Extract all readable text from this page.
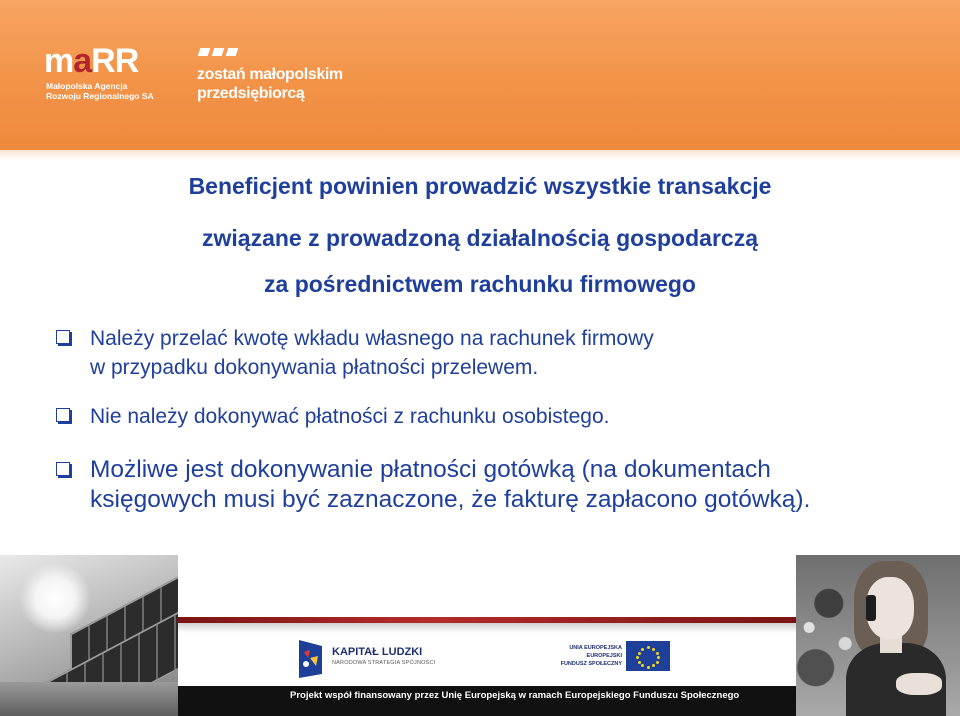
maRR
Małopolska Agencja
Rozwoju Regionalnego SA
zostań małopolskim
przedsiębiorcą
Beneficjent powinien prowadzić wszystkie transakcje
związane z prowadzoną działalnością gospodarczą
za pośrednictwem rachunku firmowego
Należy przelać kwotę wkładu własnego na rachunek firmowy
w przypadku dokonywania płatności przelewem.
Nie należy dokonywać płatności z rachunku osobistego.
Możliwe jest dokonywanie płatności gotówką (na dokumentach
księgowych musi być zaznaczone, że fakturę zapłacono gotówką).
KAPITAŁ LUDZKI
NARODOWA STRATEGIA SPÓJNOŚCI
UNIA EUROPEJSKA
EUROPEJSKI
FUNDUSZ SPOŁECZNY
Projekt współ finansowany przez Unię Europejską w ramach Europejskiego Funduszu Społecznego
